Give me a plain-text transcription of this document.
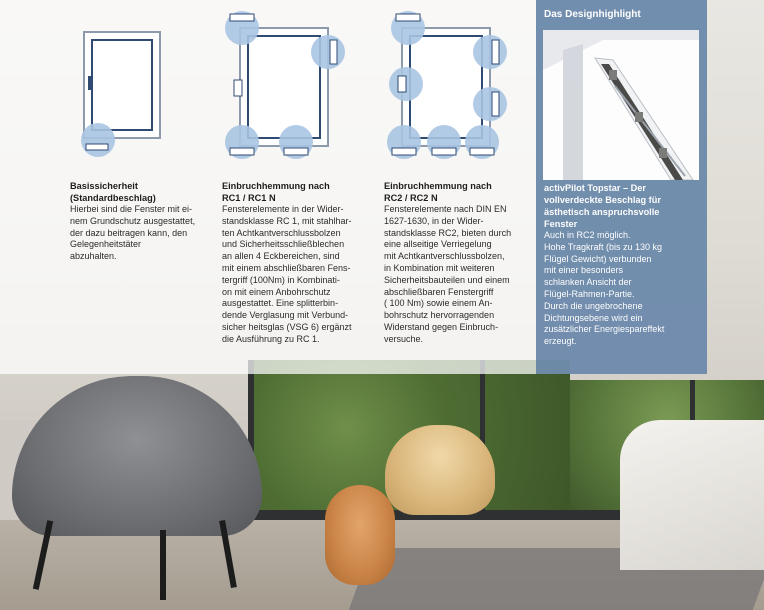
Basissicherheit
(Standardbeschlag)

Hierbei sind die Fenster mit ei-
nem Grundschutz ausgestattet,
der dazu beitragen kann, den
Gelegenheitstäter
abzuhalten.

Einbruchhemmung nach
RC1 / RC1 N

Fensterelemente in der Wider-
standsklasse RC 1, mit stahlhar-
ten Achtkantverschlussbolzen
und Sicherheitsschließblechen
an allen 4 Eckbereichen, sind
mit einem abschließbaren Fens-
tergriff (100Nm) in Kombinati-
on mit einem Anbohrschutz
ausgestattet. Eine splitterbin-
dende Verglasung mit Verbund-
sicher heitsglas (VSG 6) ergänzt
die Ausführung zu RC 1.

Einbruchhemmung nach
RC2 / RC2 N

Fensterelemente nach DIN EN
1627-1630, in der Wider-
standsklasse RC2, bieten durch
eine allseitige Verriegelung
mit Achtkantverschlussbolzen,
in Kombination mit weiteren
Sicherheitsbauteilen und einem
abschließbaren Fenstergriff
( 100 Nm) sowie einem An-
bohrschutz hervorragenden
Widerstand gegen Einbruch-
versuche.

Das Designhighlight
activPilot Topstar – Der
vollverdeckte Beschlag für
ästhetisch anspruchsvolle
Fenster

Auch in RC2 möglich.
Hohe Tragkraft (bis zu 130 kg
Flügel Gewicht) verbunden
mit einer besonders
schlanken Ansicht der
Flügel-Rahmen-Partie.
Durch die ungebrochene
Dichtungsebene wird ein
zusätzlicher Energiespareffekt
erzeugt.
